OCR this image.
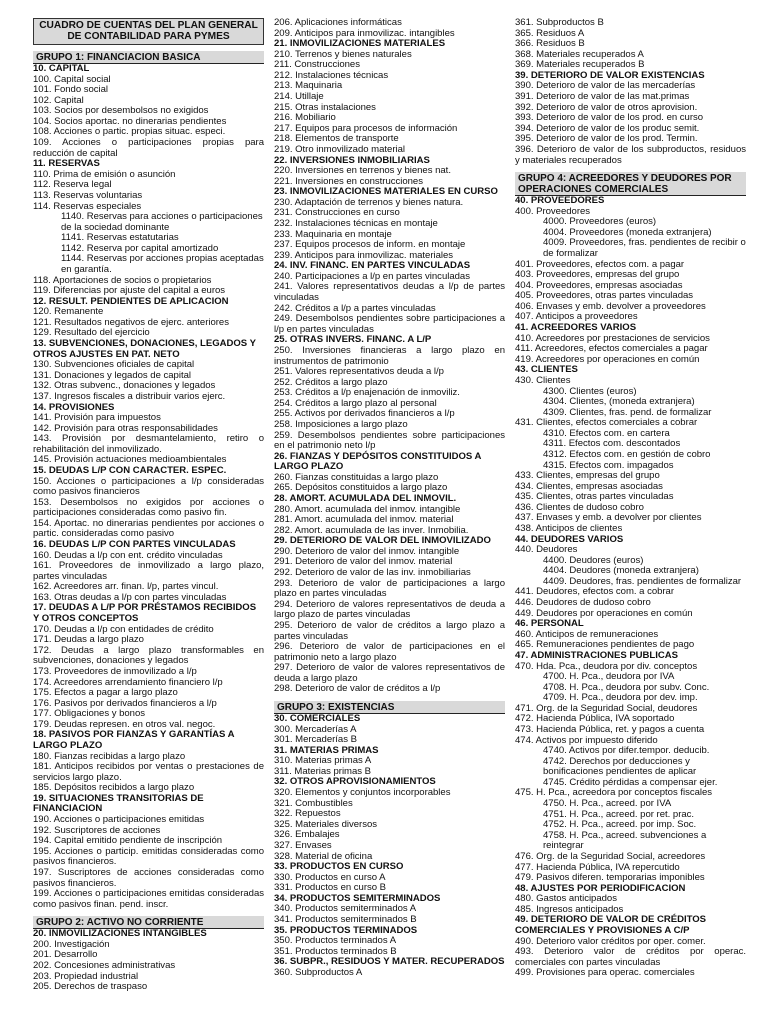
CUADRO DE CUENTAS DEL PLAN GENERAL DE CONTABILIDAD PARA PYMES
GRUPO 1: FINANCIACION BASICA
10. CAPITAL
100. Capital social
101. Fondo social
102. Capital
103. Socios por desembolsos no exigidos
104. Socios aportac. no dinerarias pendientes
108. Acciones o partic. propias situac. especi.
109. Acciones o participaciones propias para reducción de capital
11. RESERVAS
110. Prima de emisión o asunción
112. Reserva legal
113. Reservas voluntarias
114. Reservas especiales
1140. Reservas para acciones o participaciones de la sociedad dominante
1141. Reservas estatutarias
1142. Reserva por capital amortizado
1144. Reservas por acciones propias aceptadas en garantía.
118. Aportaciones de socios o propietarios
119. Diferencias por ajuste del capital a euros
12. RESULT. PENDIENTES DE APLICACION
120. Remanente
121. Resultados negativos de ejerc. anteriores
129. Resultado del ejercicio
13. SUBVENCIONES, DONACIONES, LEGADOS Y OTROS AJUSTES EN PAT. NETO
130. Subvenciones oficiales de capital
131. Donaciones y legados de capital
132. Otras subvenc., donaciones y legados
137. Ingresos fiscales a distribuir varios ejerc.
14. PROVISIONES
141. Provisión para impuestos
142. Provisión para otras responsabilidades
143. Provisión por desmantelamiento, retiro o rehabilitación del inmovilizado.
145. Provisión actuaciones medioambientales
15. DEUDAS L/P CON CARACTER. ESPEC.
150. Acciones o participaciones a l/p consideradas como pasivos financieros
153. Desembolsos no exigidos por acciones o participaciones consideradas como pasivo fin.
154. Aportac. no dinerarias pendientes por acciones o partic. consideradas como pasivo
16. DEUDAS L/P CON PARTES VINCULADAS
160. Deudas a l/p con ent. crédito vinculadas
161. Proveedores de inmovilizado a largo plazo, partes vinculadas
162. Acreedores arr. finan. l/p, partes vincul.
163. Otras deudas a l/p con partes vinculadas
17. DEUDAS A L/P POR PRÉSTAMOS RECIBIDOS Y OTROS CONCEPTOS
170. Deudas a l/p con entidades de crédito
171. Deudas a largo plazo
172. Deudas a largo plazo transformables en subvenciones, donaciones y legados
173. Proveedores de inmovilizado a l/p
174. Acreedores arrendamiento financiero l/p
175. Efectos a pagar a largo plazo
176. Pasivos por derivados financieros a l/p
177. Obligaciones y bonos
179. Deudas represen. en otros val. negoc.
18. PASIVOS POR FIANZAS Y GARANTÍAS A LARGO PLAZO
180. Fianzas recibidas a largo plazo
181. Anticipos recibidos por ventas o prestaciones de servicios largo plazo.
185. Depósitos recibidos a largo plazo
19. SITUACIONES TRANSITORIAS DE FINANCIACION
190. Acciones o participaciones emitidas
192. Suscriptores de acciones
194. Capital emitido pendiente de inscripción
195. Acciones o particip. emitidas consideradas como pasivos financieros.
197. Suscriptores de acciones consideradas como pasivos financieros.
199. Acciones o participaciones emitidas consideradas como pasivos finan. pend. inscr.
GRUPO 2: ACTIVO NO CORRIENTE
20. INMOVILIZACIONES INTANGIBLES
200. Investigación
201. Desarrollo
202. Concesiones administrativas
203. Propiedad industrial
205. Derechos de traspaso
206. Aplicaciones informáticas
209. Anticipos para inmovilizac. intangibles
21. INMOVILIZACIONES MATERIALES
210. Terrenos y bienes naturales
211. Construcciones
212. Instalaciones técnicas
213. Maquinaria
214. Utillaje
215. Otras instalaciones
216. Mobiliario
217. Equipos para procesos de información
218. Elementos de transporte
219. Otro inmovilizado material
22. INVERSIONES INMOBILIARIAS
220. Inversiones en terrenos y bienes nat.
221. Inversiones en construcciones
23. INMOVILIZACIONES MATERIALES EN CURSO
230. Adaptación de terrenos y bienes natura.
231. Construcciones en curso
232. Instalaciones técnicas en montaje
233. Maquinaria en montaje
237. Equipos procesos de inform. en montaje
239. Anticipos para inmovilizac. materiales
24. INV. FINANC. EN PARTES VINCULADAS
240. Participaciones a l/p en partes vinculadas
241. Valores representativos deudas a l/p de partes vinculadas
242. Créditos a l/p a partes vinculadas
249. Desembolsos pendientes sobre participaciones a l/p en partes vinculadas
25. OTRAS INVERS. FINANC. A L/P
250. Inversiones financieras a largo plazo en instrumentos de patrimonio
251. Valores representativos deuda a l/p
252. Créditos a largo plazo
253. Créditos a l/p enajenación de inmoviliz.
254. Créditos a largo plazo al personal
255. Activos por derivados financieros a l/p
258. Imposiciones a largo plazo
259. Desembolsos pendientes sobre participaciones en el patrimonio neto l/p
26. FIANZAS Y DEPÓSITOS CONSTITUIDOS A LARGO PLAZO
260. Fianzas constituidas a largo plazo
265. Depósitos constituidos a largo plazo
28. AMORT. ACUMULADA DEL INMOVIL.
280. Amort. acumulada del inmov. intangible
281. Amort. acumulada del inmov. material
282. Amort. acumulada de las inver. Inmobilia.
29. DETERIORO DE VALOR DEL INMOVILIZADO
290. Deterioro de valor del inmov. intangible
291. Deterioro de valor del inmov. material
292. Deterioro de valor de las inv. inmobiliarias
293. Deterioro de valor de participaciones a largo plazo en partes vinculadas
294. Deterioro de valores representativos de deuda a largo plazo de partes vinculadas
295. Deterioro de valor de créditos a largo plazo a partes vinculadas
296. Deterioro de valor de participaciones en el patrimonio neto a largo plazo
297. Deterioro de valor de valores representativos de deuda a largo plazo
298. Deterioro de valor de créditos a l/p
GRUPO 3: EXISTENCIAS
30. COMERCIALES
300. Mercaderías A
301. Mercaderías B
31. MATERIAS PRIMAS
310. Materias primas A
311. Materias primas B
32. OTROS APROVISIONAMIENTOS
320. Elementos y conjuntos incorporables
321. Combustibles
322. Repuestos
325. Materiales diversos
326. Embalajes
327. Envases
328. Material de oficina
33. PRODUCTOS EN CURSO
330. Productos en curso A
331. Productos en curso B
34. PRODUCTOS SEMITERMINADOS
340. Productos semiterminados A
341. Productos semiterminados B
35. PRODUCTOS TERMINADOS
350. Productos terminados A
351. Productos terminados B
36. SUBPR., RESIDUOS Y MATER. RECUPERADOS
360. Subproductos A
361. Subproductos B
365. Residuos A
366. Residuos B
368. Materiales recuperados A
369. Materiales recuperados B
39. DETERIORO DE VALOR EXISTENCIAS
390. Deterioro de valor de las mercaderías
391. Deterioro de valor de las mat.primas
392. Deterioro de valor de otros aprovision.
393. Deterioro de valor de los prod. en curso
394. Deterioro de valor de los produc semit.
395. Deterioro de valor de los prod. Termin.
396. Deterioro de valor de los subproductos, residuos y materiales recuperados
GRUPO 4: ACREEDORES Y DEUDORES POR OPERACIONES COMERCIALES
40. PROVEEDORES
400. Proveedores
4000. Proveedores (euros)
4004. Proveedores (moneda extranjera)
4009. Proveedores, fras. pendientes de recibir o de formalizar
401. Proveedores, efectos com. a pagar
403. Proveedores, empresas del grupo
404. Proveedores, empresas asociadas
405. Proveedores, otras partes vinculadas
406. Envases y emb. devolver a proveedores
407. Anticipos a proveedores
41. ACREEDORES VARIOS
410. Acreedores por prestaciones de servicios
411. Acreedores, efectos comerciales a pagar
419. Acreedores por operaciones en común
43. CLIENTES
430. Clientes
4300. Clientes (euros)
4304. Clientes, (moneda extranjera)
4309. Clientes, fras. pend. de formalizar
431. Clientes, efectos comerciales a cobrar
4310. Efectos com. en cartera
4311. Efectos com. descontados
4312. Efectos com. en gestión de cobro
4315. Efectos com. impagados
433. Clientes, empresas del grupo
434. Clientes, empresas asociadas
435. Clientes, otras partes vinculadas
436. Clientes de dudoso cobro
437. Envases y emb. a devolver por clientes
438. Anticipos de clientes
44. DEUDORES VARIOS
440. Deudores
4400. Deudores (euros)
4404. Deudores (moneda extranjera)
4409. Deudores, fras. pendientes de formalizar
441. Deudores, efectos com. a cobrar
446. Deudores de dudoso cobro
449. Deudores por operaciones en común
46. PERSONAL
460. Anticipos de remuneraciones
465. Remuneraciones pendientes de pago
47. ADMINISTRACIONES PUBLICAS
470. Hda. Pca., deudora por div. conceptos
4700. H. Pca., deudora por IVA
4708. H. Pca., deudora por subv. Conc.
4709. H. Pca., deudora por dev. imp.
471. Org. de la Seguridad Social, deudores
472. Hacienda Pública, IVA soportado
473. Hacienda Pública, ret. y pagos a cuenta
474. Activos por impuesto diferido
4740. Activos por difer.tempor. deducib.
4742. Derechos por deducciones y bonificaciones pendientes de aplicar
4745. Crédito pérdidas a compensar ejer.
475. H. Pca., acreedora por conceptos fiscales
4750. H. Pca., acreed. por IVA
4751. H. Pca., acreed. por ret. prac.
4752. H. Pca., acreed. por imp. Soc.
4758. H. Pca., acreed. subvenciones a reintegrar
476. Org. de la Seguridad Social, acreedores
477. Hacienda Pública, IVA repercutido
479. Pasivos diferen. temporarias imponibles
48. AJUSTES POR PERIODIFICACION
480. Gastos anticipados
485. Ingresos anticipados
49. DETERIORO DE VALOR DE CRÉDITOS COMERCIALES Y PROVISIONES A C/P
490. Deterioro valor créditos por oper. comer.
493. Deterioro valor de créditos por operac. comerciales con partes vinculadas
499. Provisiones para operac. comerciales
